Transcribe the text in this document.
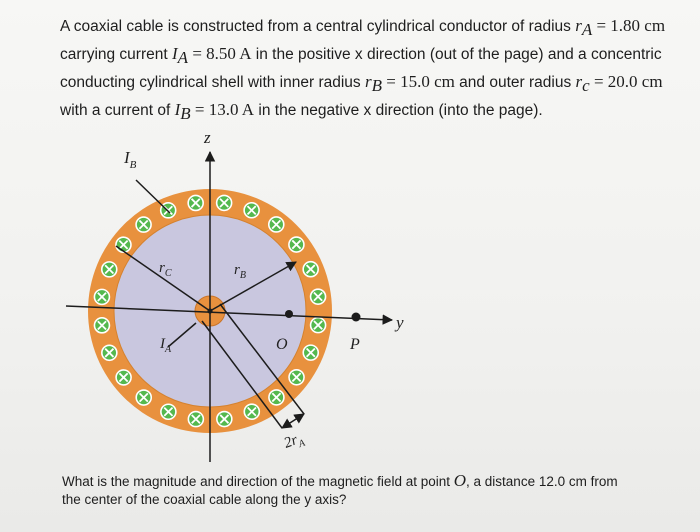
A coaxial cable is constructed from a central cylindrical conductor of radius $r_A = 1.80$ cm
carrying current $I_A = 8.50$ A in the positive x direction (out of the page) and a concentric
conducting cylindrical shell with inner radius $r_B = 15.0$ cm and outer radius $r_c = 20.0$ cm
with a current of $I_B = 13.0$ A in the negative x direction (into the page).
z
y
$I_B$
$r_C$	$r_B$
$I_A$	O	P
$2r_A$
What is the magnitude and direction of the magnetic field at point O, a distance 12.0 cm from
the center of the coaxial cable along the y axis?
